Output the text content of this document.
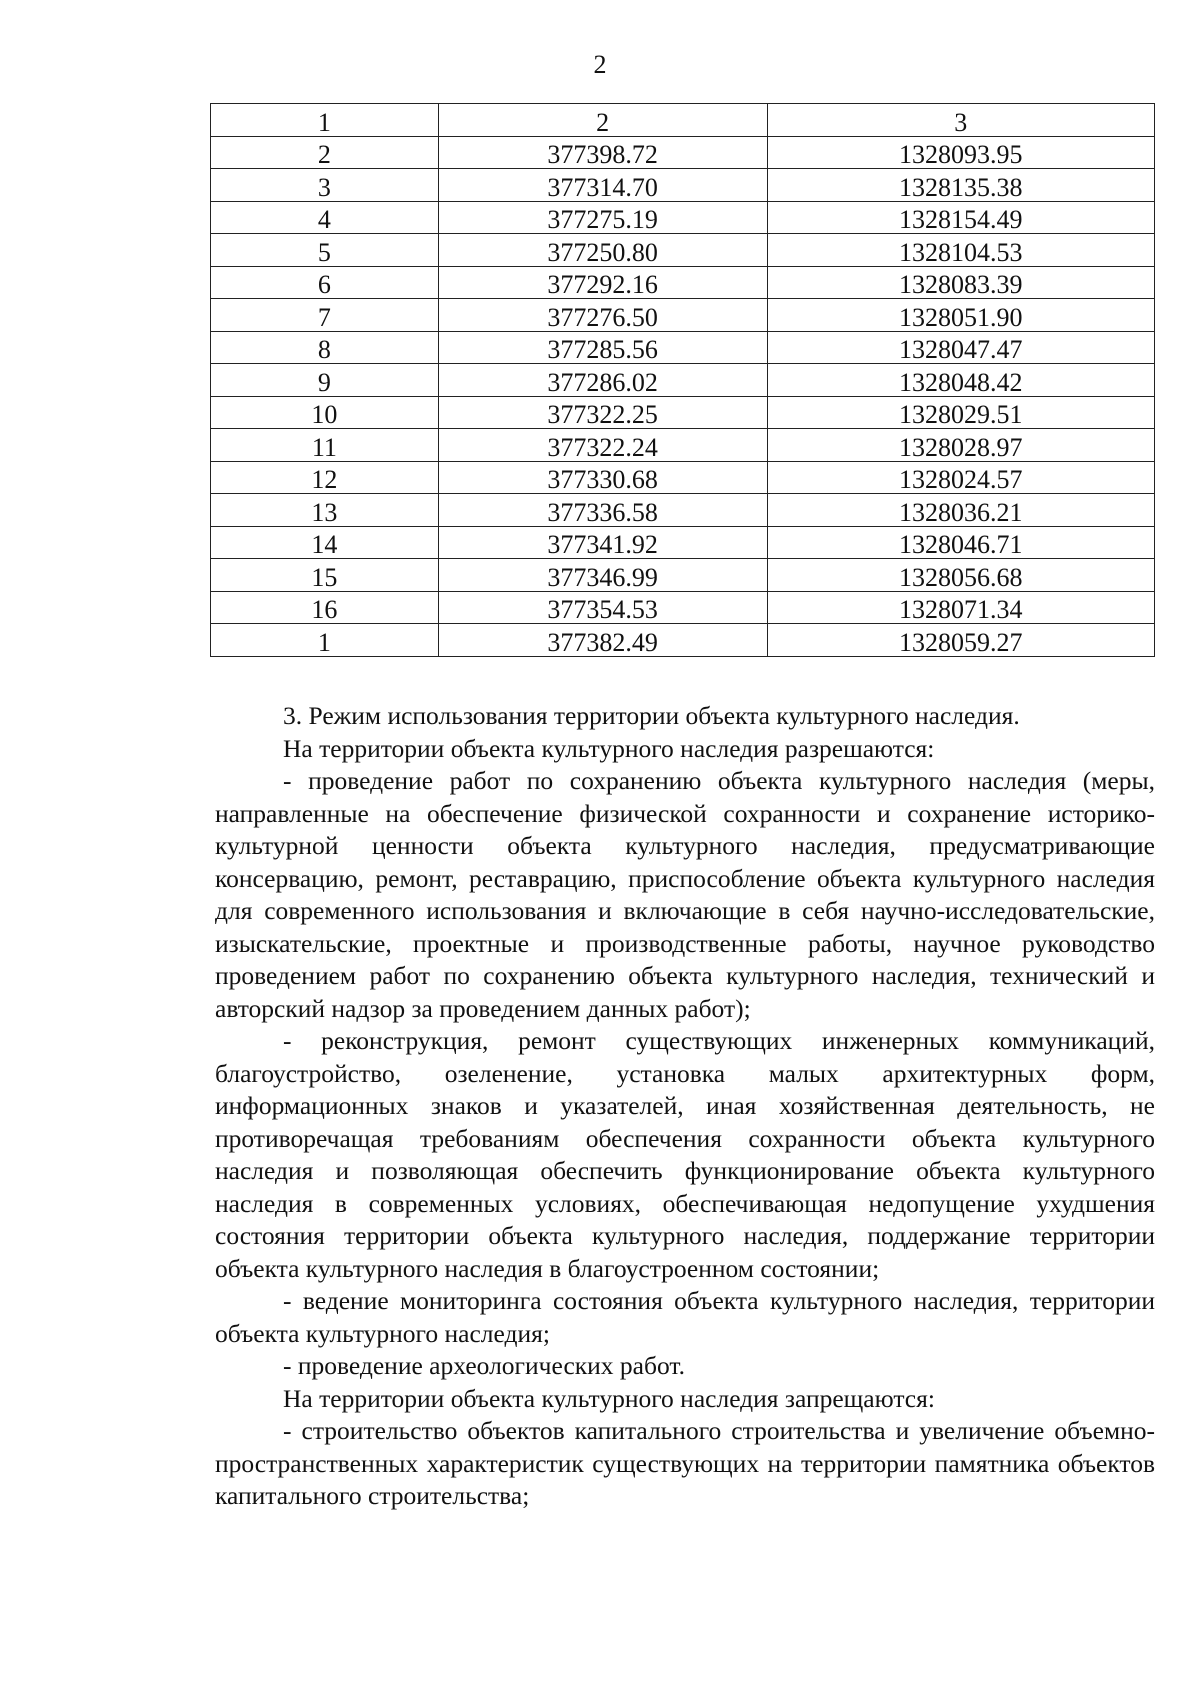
2
1	2	3
2	377398.72	1328093.95
3	377314.70	1328135.38
4	377275.19	1328154.49
5	377250.80	1328104.53
6	377292.16	1328083.39
7	377276.50	1328051.90
8	377285.56	1328047.47
9	377286.02	1328048.42
10	377322.25	1328029.51
11	377322.24	1328028.97
12	377330.68	1328024.57
13	377336.58	1328036.21
14	377341.92	1328046.71
15	377346.99	1328056.68
16	377354.53	1328071.34
1	377382.49	1328059.27

3. Режим использования территории объекта культурного наследия.

На территории объекта культурного наследия разрешаются:

- проведение работ по сохранению объекта культурного наследия (меры, направленные на обеспечение физической сохранности и сохранение историко-культурной ценности объекта культурного наследия, предусматривающие консервацию, ремонт, реставрацию, приспособление объекта культурного наследия для современного использования и включающие в себя научно-исследовательские, изыскательские, проектные и производственные работы, научное руководство проведением работ по сохранению объекта культурного наследия, технический и авторский надзор за проведением данных работ);

- реконструкция, ремонт существующих инженерных коммуникаций, благоустройство, озеленение, установка малых архитектурных форм, информационных знаков и указателей, иная хозяйственная деятельность, не противоречащая требованиям обеспечения сохранности объекта культурного наследия и позволяющая обеспечить функционирование объекта культурного наследия в современных условиях, обеспечивающая недопущение ухудшения состояния территории объекта культурного наследия, поддержание территории объекта культурного наследия в благоустроенном состоянии;

- ведение мониторинга состояния объекта культурного наследия, территории объекта культурного наследия;

- проведение археологических работ.

На территории объекта культурного наследия запрещаются:

- строительство объектов капитального строительства и увеличение объемно-пространственных характеристик существующих на территории памятника объектов капитального строительства;
